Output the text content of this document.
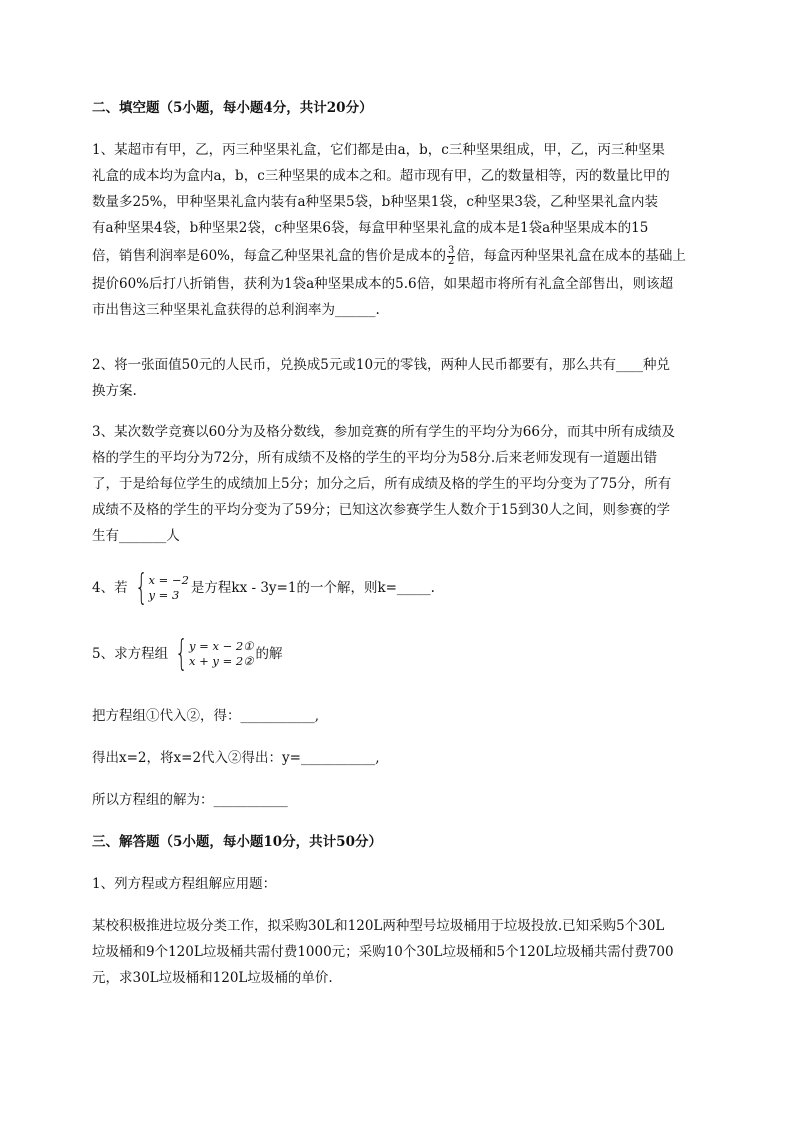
二、填空题（5小题，每小题4分，共计20分）
1、某超市有甲，乙，丙三种坚果礼盒，它们都是由a，b，c三种坚果组成，甲，乙，丙三种坚果
礼盒的成本均为盒内a，b，c三种坚果的成本之和。超市现有甲，乙的数量相等，丙的数量比甲的
数量多25%，甲种坚果礼盒内装有a种坚果5袋，b种坚果1袋，c种坚果3袋，乙种坚果礼盒内装
有a种坚果4袋，b种坚果2袋，c种坚果6袋，每盒甲种坚果礼盒的成本是1袋a种坚果成本的15
倍，销售利润率是60%，每盒乙种坚果礼盒的售价是成本的 $\frac{3}{2}$ 倍，每盒丙种坚果礼盒在成本的基础上
提价60%后打八折销售，获利为1袋a种坚果成本的5.6倍，如果超市将所有礼盒全部售出，则该超
市出售这三种坚果礼盒获得的总利润率为______.
2、将一张面值50元的人民币，兑换成5元或10元的零钱，两种人民币都要有，那么共有____种兑
换方案.
3、某次数学竞赛以60分为及格分数线，参加竞赛的所有学生的平均分为66分，而其中所有成绩及
格的学生的平均分为72分，所有成绩不及格的学生的平均分为58分.后来老师发现有一道题出错
了，于是给每位学生的成绩加上5分；加分之后，所有成绩及格的学生的平均分变为了75分，所有
成绩不及格的学生的平均分变为了59分；已知这次参赛学生人数介于15到30人之间，则参赛的学
生有_______人
4、若 { x = −2
y = 3 是方程kx - 3y=1的一个解，则k=_____.
5、求方程组 { y = x − 2①
x + y = 2② 的解
把方程组①代入②，得：___________,
得出x=2，将x=2代入②得出：y=___________,
所以方程组的解为：___________
三、解答题（5小题，每小题10分，共计50分）
1、列方程或方程组解应用题：
某校积极推进垃圾分类工作，拟采购30L和120L两种型号垃圾桶用于垃圾投放.已知采购5个30L
垃圾桶和9个120L垃圾桶共需付费1000元；采购10个30L垃圾桶和5个120L垃圾桶共需付费700
元，求30L垃圾桶和120L垃圾桶的单价.
